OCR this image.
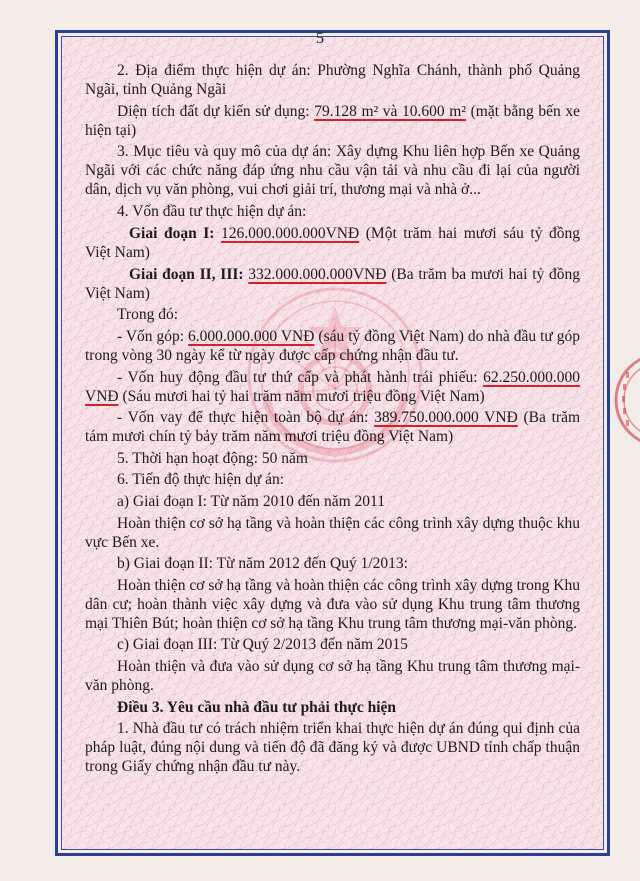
5

2. Địa điểm thực hiện dự án: Phường Nghĩa Chánh, thành phố Quảng Ngãi, tỉnh Quảng Ngãi

Diện tích đất dự kiến sử dụng: 79.128 m² và 10.600 m² (mặt bằng bến xe hiện tại)

3. Mục tiêu và quy mô của dự án: Xây dựng Khu liên hợp Bến xe Quảng Ngãi với các chức năng đáp ứng nhu cầu vận tải và nhu cầu đi lại của người dân, dịch vụ văn phòng, vui chơi giải trí, thương mại và nhà ở...

4. Vốn đầu tư thực hiện dự án:

Giai đoạn I: 126.000.000.000VNĐ (Một trăm hai mươi sáu tỷ đồng Việt Nam)

Giai đoạn II, III: 332.000.000.000VNĐ (Ba trăm ba mươi hai tỷ đồng Việt Nam)

Trong đó:

- Vốn góp: 6.000.000.000 VNĐ (sáu tỷ đồng Việt Nam) do nhà đầu tư góp trong vòng 30 ngày kể từ ngày được cấp chứng nhận đầu tư.

- Vốn huy động đầu tư thứ cấp và phát hành trái phiếu: 62.250.000.000 VNĐ (Sáu mươi hai tỷ hai trăm năm mươi triệu đồng Việt Nam)

- Vốn vay để thực hiện toàn bộ dự án: 389.750.000.000 VNĐ (Ba trăm tám mươi chín tỷ bảy trăm năm mươi triệu đồng Việt Nam)

5. Thời hạn hoạt động: 50 năm

6. Tiến độ thực hiện dự án:

a) Giai đoạn I: Từ năm 2010 đến năm 2011

Hoàn thiện cơ sở hạ tầng và hoàn thiện các công trình xây dựng thuộc khu vực Bến xe.

b) Giai đoạn II: Từ năm 2012 đến Quý 1/2013:

Hoàn thiện cơ sở hạ tầng và hoàn thiện các công trình xây dựng trong Khu dân cư; hoàn thành việc xây dựng và đưa vào sử dụng Khu trung tâm thương mại Thiên Bút; hoàn thiện cơ sở hạ tầng Khu trung tâm thương mại-văn phòng.

c) Giai đoạn III: Từ Quý 2/2013 đến năm 2015

Hoàn thiện và đưa vào sử dụng cơ sở hạ tầng Khu trung tâm thương mại-văn phòng.

Điều 3. Yêu cầu nhà đầu tư phải thực hiện

1. Nhà đầu tư có trách nhiệm triển khai thực hiện dự án đúng qui định của pháp luật, đúng nội dung và tiến độ đã đăng ký và được UBND tỉnh chấp thuận trong Giấy chứng nhận đầu tư này.
